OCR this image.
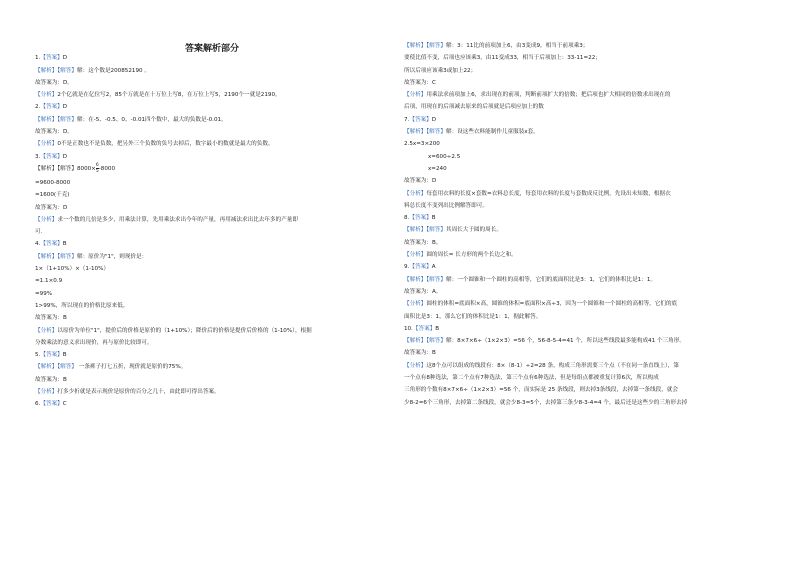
答案解析部分
1.【答案】D
【解析】【解答】解：这个数是200852190 。
故答案为：D。
【分析】2个亿就是在亿位写2，85个万就是在十万位上写8，在万位上写5，2190个一就是2190。
2.【答案】D
【解析】【解答】解：在-5、-0.5、0、-0.01四个数中，最大的负数是-0.01。
故答案为：D。
【分析】0不是正数也不是负数，把另外三个负数的负号去掉后，数字最小的数就是最大的负数。
3.【答案】D
【解析】【解答】$8000\times \frac{6}{5} -8000$
=9600-8000
=1600(千克)
故答案为：D
【分析】求一个数的几倍是多少，用乘法计算，先用乘法求出今年的产量，再用减法求出比去年多的产量即
可.
4.【答案】B
【解析】【解答】解：原价为"1"，则现价是：
1×（1+10%）×（1-10%）
=1.1×0.9
=99%
1>99%，所以现在的价格比原来低。
故答案为：B
【分析】以原价为单位"1"，提价后的价格是原价的（1+10%）；降价后的价格是提价后价格的（1-10%），根据
分数乘法的意义求出现价，再与原价比较即可。
5.【答案】B
【解析】【解答】 一条裤子打七五折，现价就是原价的75%。
故答案为：B
【分析】打多少折就是表示现价是原价的百分之几十，由此即可得出答案。
6.【答案】C
【解析】【解答】解：3：11比的前项加上6，由3变成9，相当于前项乘3；
要使比值不变，后项也应该乘3，由11变成33，相当于后项加上：33-11=22；
所以后项应该乘3或加上22；
故答案为：C
【分析】用乘法求前项加上6，求出现在的前项，判断前项扩大的倍数；把后项也扩大相同的倍数求出现在的
后项，用现在的后项减去原来的后项就是后项应加上的数
7.【答案】D
【解析】【解答】解：设这些衣料能制作儿童服装x套。
2.5x=3×200
x=600÷2.5
x=240
故答案为：D
【分析】每套用衣料的长度×套数=衣料总长度，每套用衣料的长度与套数成反比例，先设出未知数，根据衣
料总长度不变列出比例解答即可。
8.【答案】B
【解析】【解答】其周长大于圆的周长。
故答案为：B。
【分析】圆的周长= 长方形的两个长边之和。
9.【答案】A
【解析】【解答】解：一个圆锥和一个圆柱的高相等，它们的底面积比是3：1，它们的体积比是1：1。
故答案为：A。
【分析】圆柱的体积=底面积×高，圆锥的体积=底面积×高÷3，因为一个圆锥和一个圆柱的高相等，它们的底
面积比是3：1，那么它们的体积比是1：1，据此解答。
10.【答案】B
【解析】【解答】解：8×7×6÷（1×2×3）=56 个，56-8-5-4=41 个，所以这些线段最多能构成41 个三角形。
故答案为：B
【分析】这8个点可以组成的线段有：8×（8-1）÷2=28 条，构成三角形需要三个点（不在同一条直线上），第
一个点有8种选法，第二个点有7种选法，第三个点有6种选法，但是每组点都被重复计算6次，所以构成
三角形的个数有8×7×6÷（1×2×3）=56 个，而实际是 25 条线段，则去掉3条线段，去掉第一条线段，就会
少8-2=6个三角形，去掉第二条线段，就会少8-3=5个，去掉第三条少8-3-4=4 个，最后还是这些少的三角形去掉
